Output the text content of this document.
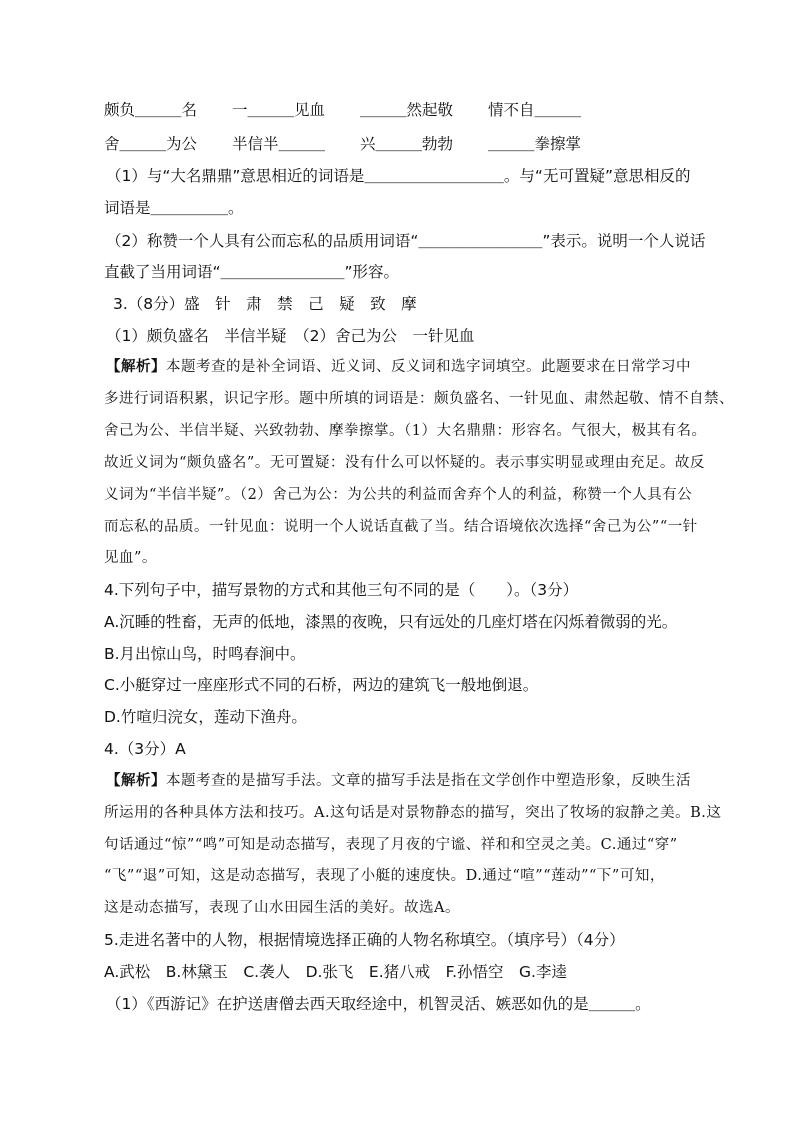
颇负＿＿＿名 一＿＿＿见血 ＿＿＿然起敬 情不自＿＿＿
舍＿＿＿为公 半信半＿＿＿ 兴＿＿＿勃勃 ＿＿＿拳擦掌
（1）与“大名鼎鼎”意思相近的词语是＿＿＿＿＿＿＿＿＿。与“无可置疑”意思相反的
词语是＿＿＿＿＿。
（2）称赞一个人具有公而忘私的品质用词语“＿＿＿＿＿＿＿＿”表示。说明一个人说话
直截了当用词语“＿＿＿＿＿＿＿＿”形容。
3.（8分）盛　针　肃　禁　己　疑　致　摩
（1）颇负盛名　半信半疑　（2）舍己为公　一针见血
【解析】本题考查的是补全词语、近义词、反义词和选字词填空。此题要求在日常学习中
多进行词语积累，识记字形。题中所填的词语是：颇负盛名、一针见血、肃然起敬、情不自禁、
舍己为公、半信半疑、兴致勃勃、摩拳擦掌。（1）大名鼎鼎：形容名。气很大，极其有名。
故近义词为“颇负盛名”。无可置疑：没有什么可以怀疑的。表示事实明显或理由充足。故反
义词为“半信半疑”。（2）舍己为公：为公共的利益而舍弃个人的利益，称赞一个人具有公
而忘私的品质。一针见血：说明一个人说话直截了当。结合语境依次选择“舍己为公”“一针
见血”。
4.下列句子中，描写景物的方式和其他三句不同的是（　　）。（3分）
A.沉睡的牲畜，无声的低地，漆黑的夜晚，只有远处的几座灯塔在闪烁着微弱的光。
B.月出惊山鸟，时鸣春涧中。
C.小艇穿过一座座形式不同的石桥，两边的建筑飞一般地倒退。
D.竹喧归浣女，莲动下渔舟。
4.（3分）A
【解析】本题考查的是描写手法。文章的描写手法是指在文学创作中塑造形象，反映生活
所运用的各种具体方法和技巧。A.这句话是对景物静态的描写，突出了牧场的寂静之美。B.这
句话通过“惊”“鸣”可知是动态描写，表现了月夜的宁谧、祥和和空灵之美。C.通过“穿”
“飞”“退”可知，这是动态描写，表现了小艇的速度快。D.通过“喧”“莲动”“下”可知，
这是动态描写，表现了山水田园生活的美好。故选A。
5.走进名著中的人物，根据情境选择正确的人物名称填空。（填序号）（4分）
A.武松　B.林黛玉　C.袭人　D.张飞　E.猪八戒　F.孙悟空　G.李逵
（1）《西游记》在护送唐僧去西天取经途中，机智灵活、嫉恶如仇的是＿＿＿。
